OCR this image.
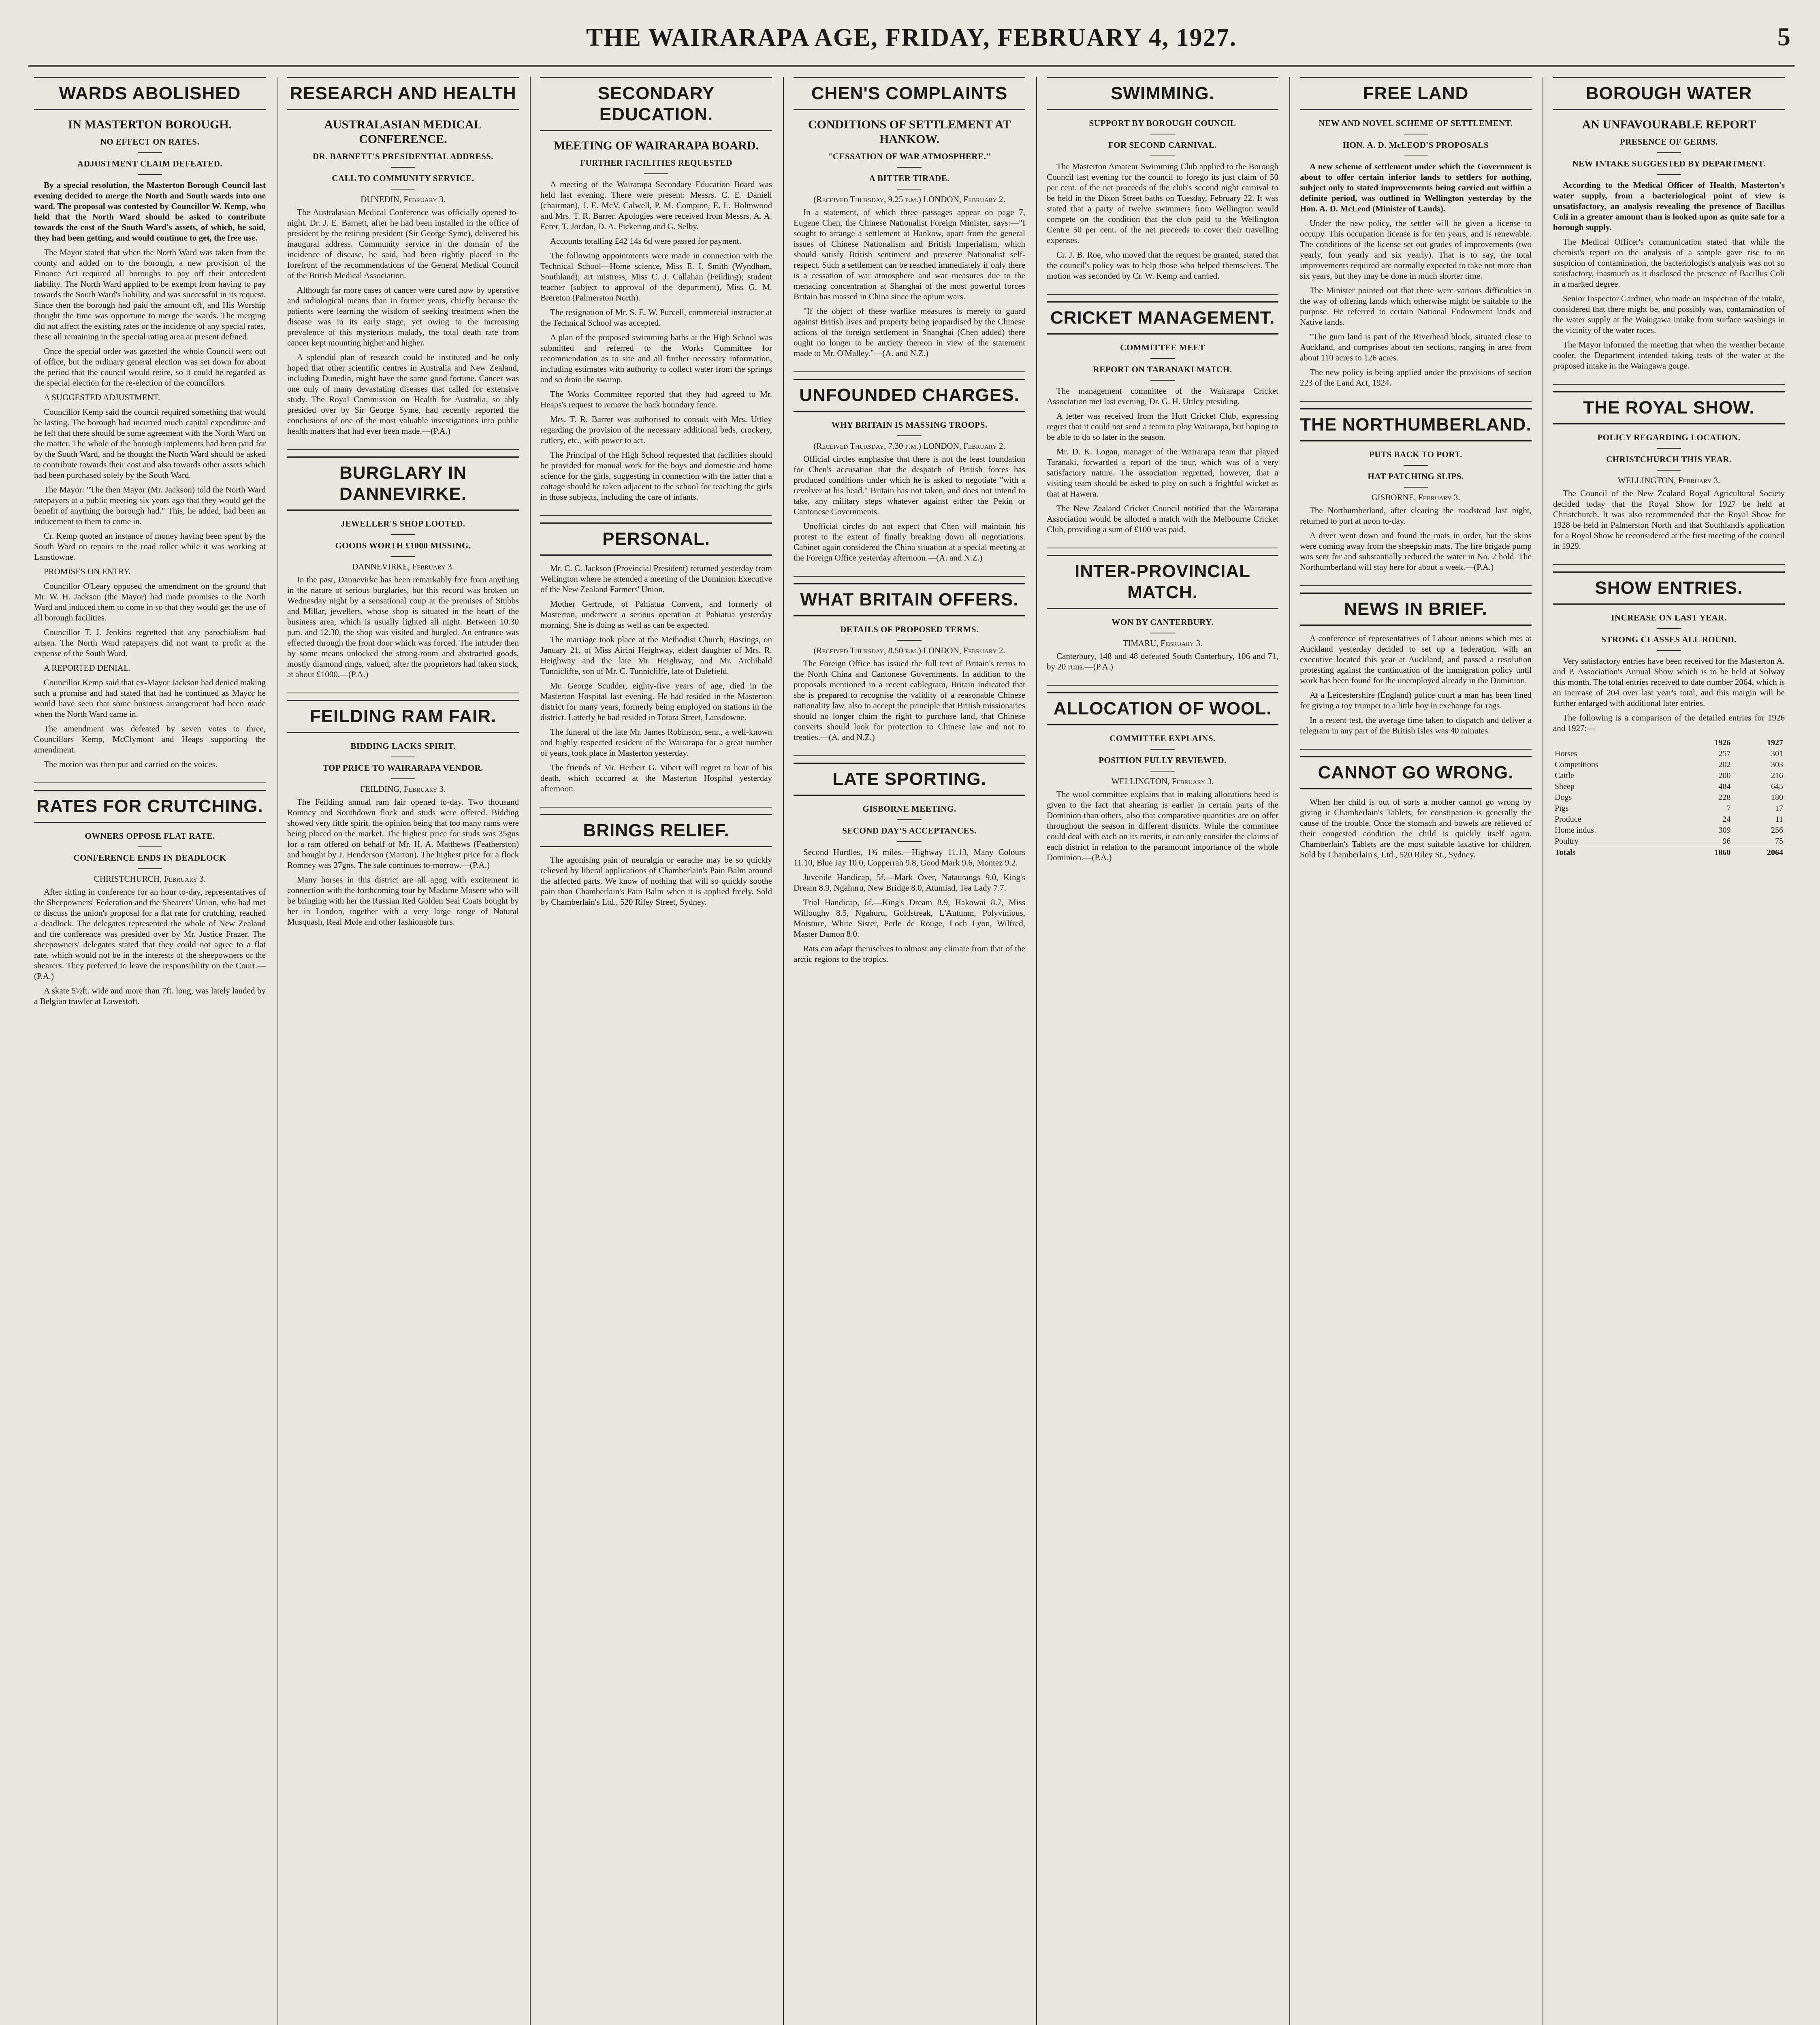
THE WAIRARAPA AGE, FRIDAY, FEBRUARY 4, 1927.	5
WARDS ABOLISHED
IN MASTERTON BOROUGH.
NO EFFECT ON RATES.
ADJUSTMENT CLAIM DEFEATED.
By a special resolution, the Masterton Borough Council last evening decided to merge the North and South wards into one ward. The proposal was contested by Councillor W. Kemp, who held that the North Ward should be asked to contribute towards the cost of the South Ward's assets, of which, he said, they had been getting, and would continue to get, the free use.
The Mayor stated that when the North Ward was taken from the county and added on to the borough, a new provision of the Finance Act required all boroughs to pay off their antecedent liability. The North Ward applied to be exempt from having to pay towards the South Ward's liability, and was successful in its request. Since then the borough had paid the amount off, and His Worship thought the time was opportune to merge the wards. The merging did not affect the existing rates or the incidence of any special rates, these all remaining in the special rating area at present defined.
Once the special order was gazetted the whole Council went out of office, but the ordinary general election was set down for about the period that the council would retire, so it could be regarded as the special election for the re-election of the councillors.
A SUGGESTED ADJUSTMENT.
Councillor Kemp said the council required something that would be lasting. The borough had incurred much capital expenditure and he felt that there should be some agreement with the North Ward on the matter. The whole of the borough implements had been paid for by the South Ward, and he thought the North Ward should be asked to contribute towards their cost and also towards other assets which had been purchased solely by the South Ward.
The Mayor: "The then Mayor (Mr. Jackson) told the North Ward ratepayers at a public meeting six years ago that they would get the benefit of anything the borough had." This, he added, had been an inducement to them to come in.
Cr. Kemp quoted an instance of money having been spent by the South Ward on repairs to the road roller while it was working at Lansdowne.
PROMISES ON ENTRY.
Councillor O'Leary opposed the amendment on the ground that Mr. W. H. Jackson (the Mayor) had made promises to the North Ward and induced them to come in so that they would get the use of all borough facilities.
Councillor T. J. Jenkins regretted that any parochialism had arisen. The North Ward ratepayers did not want to profit at the expense of the South Ward.
A REPORTED DENIAL.
Councillor Kemp said that ex-Mayor Jackson had denied making such a promise and had stated that had he continued as Mayor he would have seen that some business arrangement had been made when the North Ward came in.
The amendment was defeated by seven votes to three, Councillors Kemp, McClymont and Heaps supporting the amendment.
The motion was then put and carried on the voices.
RATES FOR CRUTCHING.
OWNERS OPPOSE FLAT RATE.
CONFERENCE ENDS IN DEADLOCK
CHRISTCHURCH, February 3.
After sitting in conference for an hour to-day, representatives of the Sheepowners' Federation and the Shearers' Union, who had met to discuss the union's proposal for a flat rate for crutching, reached a deadlock. The delegates represented the whole of New Zealand and the conference was presided over by Mr. Justice Frazer. The sheepowners' delegates stated that they could not agree to a flat rate, which would not be in the interests of the sheepowners or the shearers. They preferred to leave the responsibility on the Court.—(P.A.)
A skate 5½ft. wide and more than 7ft. long, was lately landed by a Belgian trawler at Lowestoft.
RESEARCH AND HEALTH
AUSTRALASIAN MEDICAL CONFERENCE.
DR. BARNETT'S PRESIDENTIAL ADDRESS.
CALL TO COMMUNITY SERVICE.
DUNEDIN, February 3.
The Australasian Medical Conference was officially opened to-night. Dr. J. E. Barnett, after he had been installed in the office of president by the retiring president (Sir George Syme), delivered his inaugural address. Community service in the domain of the incidence of disease, he said, had been rightly placed in the forefront of the recommendations of the General Medical Council of the British Medical Association.
Although far more cases of cancer were cured now by operative and radiological means than in former years, chiefly because the patients were learning the wisdom of seeking treatment when the disease was in its early stage, yet owing to the increasing prevalence of this mysterious malady, the total death rate from cancer kept mounting higher and higher.
A splendid plan of research could be instituted and he only hoped that other scientific centres in Australia and New Zealand, including Dunedin, might have the same good fortune. Cancer was one only of many devastating diseases that called for extensive study. The Royal Commission on Health for Australia, so ably presided over by Sir George Syme, had recently reported the conclusions of one of the most valuable investigations into public health matters that had ever been made.—(P.A.)
BURGLARY IN DANNEVIRKE.
JEWELLER'S SHOP LOOTED.
GOODS WORTH £1000 MISSING.
DANNEVIRKE, February 3.
In the past, Dannevirke has been remarkably free from anything in the nature of serious burglaries, but this record was broken on Wednesday night by a sensational coup at the premises of Stubbs and Millar, jewellers, whose shop is situated in the heart of the business area, which is usually lighted all night. Between 10.30 p.m. and 12.30, the shop was visited and burgled. An entrance was effected through the front door which was forced. The intruder then by some means unlocked the strong-room and abstracted goods, mostly diamond rings, valued, after the proprietors had taken stock, at about £1000.—(P.A.)
FEILDING RAM FAIR.
BIDDING LACKS SPIRIT.
TOP PRICE TO WAIRARAPA VENDOR.
FEILDING, February 3.
The Feilding annual ram fair opened to-day. Two thousand Romney and Southdown flock and studs were offered. Bidding showed very little spirit, the opinion being that too many rams were being placed on the market. The highest price for studs was 35gns for a ram offered on behalf of Mr. H. A. Matthews (Featherston) and bought by J. Henderson (Marton). The highest price for a flock Romney was 27gns. The sale continues to-morrow.—(P.A.)
Many horses in this district are all agog with excitement in connection with the forthcoming tour by Madame Mosere who will be bringing with her the Russian Red Golden Seal Coats bought by her in London, together with a very large range of Natural Musquash, Real Mole and other fashionable furs.
SECONDARY EDUCATION.
MEETING OF WAIRARAPA BOARD.
FURTHER FACILITIES REQUESTED
A meeting of the Wairarapa Secondary Education Board was held last evening. There were present: Messrs. C. E. Daniell (chairman), J. E. McV. Calwell, P. M. Compton, E. L. Holmwood and Mrs. T. R. Barrer. Apologies were received from Messrs. A. A. Ferer, T. Jordan, D. A. Pickering and G. Selby.
Accounts totalling £42 14s 6d were passed for payment.
The following appointments were made in connection with the Technical School—Home science, Miss E. I. Smith (Wyndham, Southland); art mistress, Miss C. J. Callahan (Feilding); student teacher (subject to approval of the department), Miss G. M. Brereton (Palmerston North).
The resignation of Mr. S. E. W. Purcell, commercial instructor at the Technical School was accepted.
A plan of the proposed swimming baths at the High School was submitted and referred to the Works Committee for recommendation as to site and all further necessary information, including estimates with authority to collect water from the springs and so drain the swamp.
The Works Committee reported that they had agreed to Mr. Heaps's request to remove the back boundary fence.
Mrs. T. R. Barrer was authorised to consult with Mrs. Uttley regarding the provision of the necessary additional beds, crockery, cutlery, etc., with power to act.
The Principal of the High School requested that facilities should be provided for manual work for the boys and domestic and home science for the girls, suggesting in connection with the latter that a cottage should be taken adjacent to the school for teaching the girls in those subjects, including the care of infants.
PERSONAL.
Mr. C. C. Jackson (Provincial President) returned yesterday from Wellington where he attended a meeting of the Dominion Executive of the New Zealand Farmers' Union.
Mother Gertrude, of Pahiatua Convent, and formerly of Masterton, underwent a serious operation at Pahiatua yesterday morning. She is doing as well as can be expected.
The marriage took place at the Methodist Church, Hastings, on January 21, of Miss Airini Heighway, eldest daughter of Mrs. R. Heighway and the late Mr. Heighway, and Mr. Archibald Tunnicliffe, son of Mr. C. Tunnicliffe, late of Dalefield.
Mr. George Scudder, eighty-five years of age, died in the Masterton Hospital last evening. He had resided in the Masterton district for many years, formerly being employed on stations in the district. Latterly he had resided in Totara Street, Lansdowne.
The funeral of the late Mr. James Robinson, senr., a well-known and highly respected resident of the Wairarapa for a great number of years, took place in Masterton yesterday.
The friends of Mr. Herbert G. Vibert will regret to hear of his death, which occurred at the Masterton Hospital yesterday afternoon.
BRINGS RELIEF.
The agonising pain of neuralgia or earache may be so quickly relieved by liberal applications of Chamberlain's Pain Balm around the affected parts. We know of nothing that will so quickly soothe pain than Chamberlain's Pain Balm when it is applied freely. Sold by Chamberlain's Ltd., 520 Riley Street, Sydney.
CHEN'S COMPLAINTS
CONDITIONS OF SETTLEMENT AT HANKOW.
"CESSATION OF WAR ATMOSPHERE."
A BITTER TIRADE.
(Received Thursday, 9.25 p.m.) LONDON, February 2.
In a statement, of which three passages appear on page 7, Eugene Chen, the Chinese Nationalist Foreign Minister, says:—"I sought to arrange a settlement at Hankow, apart from the general issues of Chinese Nationalism and British Imperialism, which should satisfy British sentiment and preserve Nationalist self-respect. Such a settlement can be reached immediately if only there is a cessation of war atmosphere and war measures due to the menacing concentration at Shanghai of the most powerful forces Britain has massed in China since the opium wars.
"If the object of these warlike measures is merely to guard against British lives and property being jeopardised by the Chinese actions of the foreign settlement in Shanghai (Chen added) there ought no longer to be anxiety thereon in view of the statement made to Mr. O'Malley."—(A. and N.Z.)
UNFOUNDED CHARGES.
WHY BRITAIN IS MASSING TROOPS.
(Received Thursday, 7.30 p.m.) LONDON, February 2.
Official circles emphasise that there is not the least foundation for Chen's accusation that the despatch of British forces has produced conditions under which he is asked to negotiate "with a revolver at his head." Britain has not taken, and does not intend to take, any military steps whatever against either the Pekin or Cantonese Governments.
Unofficial circles do not expect that Chen will maintain his protest to the extent of finally breaking down all negotiations. Cabinet again considered the China situation at a special meeting at the Foreign Office yesterday afternoon.—(A. and N.Z.)
WHAT BRITAIN OFFERS.
DETAILS OF PROPOSED TERMS.
(Received Thursday, 8.50 p.m.) LONDON, February 2.
The Foreign Office has issued the full text of Britain's terms to the North China and Cantonese Governments. In addition to the proposals mentioned in a recent cablegram, Britain indicated that she is prepared to recognise the validity of a reasonable Chinese nationality law, also to accept the principle that British missionaries should no longer claim the right to purchase land, that Chinese converts should look for protection to Chinese law and not to treaties.—(A. and N.Z.)
LATE SPORTING.
GISBORNE MEETING.
SECOND DAY'S ACCEPTANCES.
Second Hurdles, 1¾ miles.—Highway 11.13, Many Colours 11.10, Blue Jay 10.0, Copperrah 9.8, Good Mark 9.6, Montez 9.2.
Juvenile Handicap, 5f.—Mark Over, Nataurangs 9.0, King's Dream 8.9, Ngahuru, New Bridge 8.0, Atumiad, Tea Lady 7.7.
Trial Handicap, 6f.—King's Dream 8.9, Hakowai 8.7, Miss Willoughy 8.5, Ngahuru, Goldstreak, L'Autumn, Polyvinious, Moisture, White Sister, Perle de Rouge, Loch Lyon, Wilfred, Master Damon 8.0.
Rats can adapt themselves to almost any climate from that of the arctic regions to the tropics.
SWIMMING.
SUPPORT BY BOROUGH COUNCIL
FOR SECOND CARNIVAL.
The Masterton Amateur Swimming Club applied to the Borough Council last evening for the council to forego its just claim of 50 per cent. of the net proceeds of the club's second night carnival to be held in the Dixon Street baths on Tuesday, February 22. It was stated that a party of twelve swimmers from Wellington would compete on the condition that the club paid to the Wellington Centre 50 per cent. of the net proceeds to cover their travelling expenses.
Cr. J. B. Roe, who moved that the request be granted, stated that the council's policy was to help those who helped themselves. The motion was seconded by Cr. W. Kemp and carried.
CRICKET MANAGEMENT.
COMMITTEE MEET
REPORT ON TARANAKI MATCH.
The management committee of the Wairarapa Cricket Association met last evening, Dr. G. H. Uttley presiding.
A letter was received from the Hutt Cricket Club, expressing regret that it could not send a team to play Wairarapa, but hoping to be able to do so later in the season.
Mr. D. K. Logan, manager of the Wairarapa team that played Taranaki, forwarded a report of the tour, which was of a very satisfactory nature. The association regretted, however, that a visiting team should be asked to play on such a frightful wicket as that at Hawera.
The New Zealand Cricket Council notified that the Wairarapa Association would be allotted a match with the Melbourne Cricket Club, providing a sum of £100 was paid.
INTER-PROVINCIAL MATCH.
WON BY CANTERBURY.
TIMARU, February 3.
Canterbury, 148 and 48 defeated South Canterbury, 106 and 71, by 20 runs.—(P.A.)
ALLOCATION OF WOOL.
COMMITTEE EXPLAINS.
POSITION FULLY REVIEWED.
WELLINGTON, February 3.
The wool committee explains that in making allocations heed is given to the fact that shearing is earlier in certain parts of the Dominion than others, also that comparative quantities are on offer throughout the season in different districts. While the committee could deal with each on its merits, it can only consider the claims of each district in relation to the paramount importance of the whole Dominion.—(P.A.)
FREE LAND
NEW AND NOVEL SCHEME OF SETTLEMENT.
HON. A. D. McLEOD'S PROPOSALS
A new scheme of settlement under which the Government is about to offer certain inferior lands to settlers for nothing, subject only to stated improvements being carried out within a definite period, was outlined in Wellington yesterday by the Hon. A. D. McLeod (Minister of Lands).
Under the new policy, the settler will be given a license to occupy. This occupation license is for ten years, and is renewable. The conditions of the license set out grades of improvements (two yearly, four yearly and six yearly). That is to say, the total improvements required are normally expected to take not more than six years, but they may be done in much shorter time.
The Minister pointed out that there were various difficulties in the way of offering lands which otherwise might be suitable to the purpose. He referred to certain National Endowment lands and Native lands.
"The gum land is part of the Riverhead block, situated close to Auckland, and comprises about ten sections, ranging in area from about 110 acres to 126 acres.
The new policy is being applied under the provisions of section 223 of the Land Act, 1924.
THE NORTHUMBERLAND.
PUTS BACK TO PORT.
HAT PATCHING SLIPS.
GISBORNE, February 3.
The Northumberland, after clearing the roadstead last night, returned to port at noon to-day.
A diver went down and found the mats in order, but the skins were coming away from the sheepskin mats. The fire brigade pump was sent for and substantially reduced the water in No. 2 hold. The Northumberland will stay here for about a week.—(P.A.)
NEWS IN BRIEF.
A conference of representatives of Labour unions which met at Auckland yesterday decided to set up a federation, with an executive located this year at Auckland, and passed a resolution protesting against the continuation of the immigration policy until work has been found for the unemployed already in the Dominion.
At a Leicestershire (England) police court a man has been fined for giving a toy trumpet to a little boy in exchange for rags.
In a recent test, the average time taken to dispatch and deliver a telegram in any part of the British Isles was 40 minutes.
CANNOT GO WRONG.
When her child is out of sorts a mother cannot go wrong by giving it Chamberlain's Tablets, for constipation is generally the cause of the trouble. Once the stomach and bowels are relieved of their congested condition the child is quickly itself again. Chamberlain's Tablets are the most suitable laxative for children. Sold by Chamberlain's, Ltd., 520 Riley St., Sydney.
BOROUGH WATER
AN UNFAVOURABLE REPORT
PRESENCE OF GERMS.
NEW INTAKE SUGGESTED BY DEPARTMENT.
According to the Medical Officer of Health, Masterton's water supply, from a bacteriological point of view is unsatisfactory, an analysis revealing the presence of Bacillus Coli in a greater amount than is looked upon as quite safe for a borough supply.
The Medical Officer's communication stated that while the chemist's report on the analysis of a sample gave rise to no suspicion of contamination, the bacteriologist's analysis was not so satisfactory, inasmuch as it disclosed the presence of Bacillus Coli in a marked degree.
Senior Inspector Gardiner, who made an inspection of the intake, considered that there might be, and possibly was, contamination of the water supply at the Waingawa intake from surface washings in the vicinity of the water races.
The Mayor informed the meeting that when the weather became cooler, the Department intended taking tests of the water at the proposed intake in the Waingawa gorge.
THE ROYAL SHOW.
POLICY REGARDING LOCATION.
CHRISTCHURCH THIS YEAR.
WELLINGTON, February 3.
The Council of the New Zealand Royal Agricultural Society decided today that the Royal Show for 1927 be held at Christchurch. It was also recommended that the Royal Show for 1928 be held in Palmerston North and that Southland's application for a Royal Show be reconsidered at the first meeting of the council in 1929.
SHOW ENTRIES.
INCREASE ON LAST YEAR.
STRONG CLASSES ALL ROUND.
Very satisfactory entries have been received for the Masterton A. and P. Association's Annual Show which is to be held at Solway this month. The total entries received to date number 2064, which is an increase of 204 over last year's total, and this margin will be further enlarged with additional later entries.
The following is a comparison of the detailed entries for 1926 and 1927:—
	1926	1927
Horses	257	301
Competitions	202	303
Cattle	200	216
Sheep	484	645
Dogs	228	180
Pigs	7	17
Produce	24	11
Home indus.	309	256
Poultry	96	75
Totals	1860	2064
